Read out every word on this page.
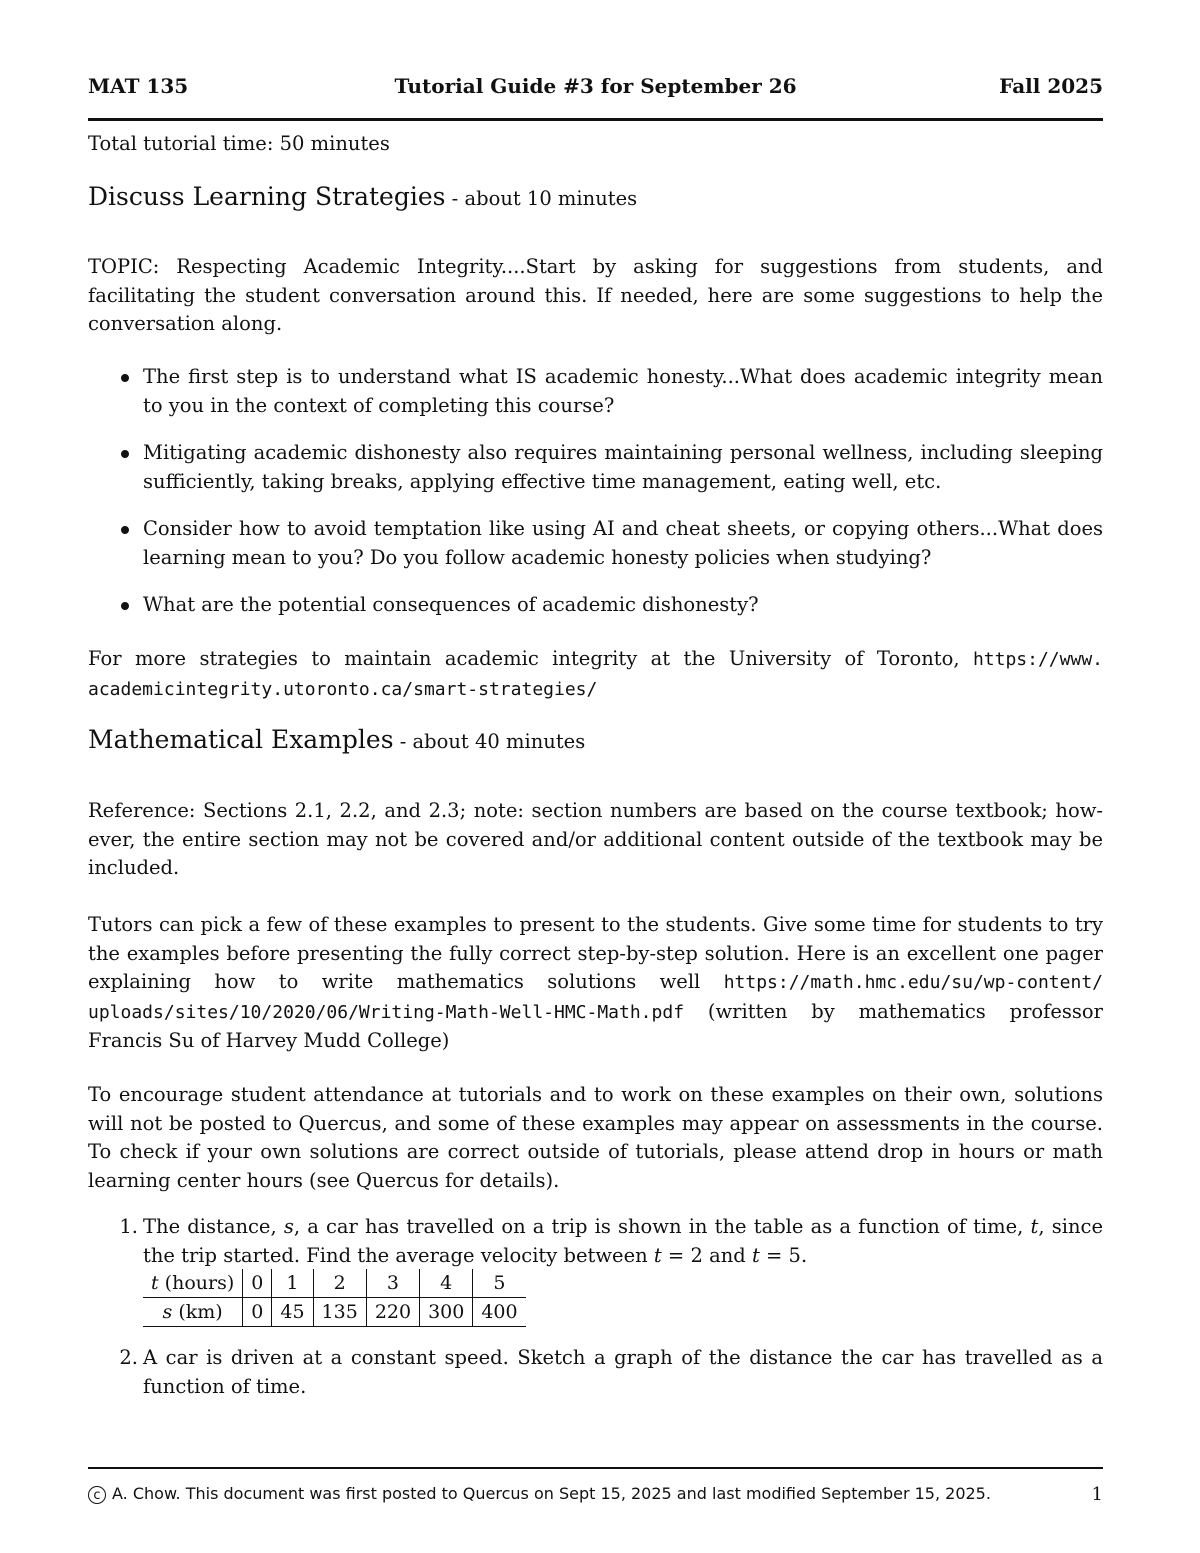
MAT 135	Tutorial Guide #3 for September 26	Fall 2025
Total tutorial time: 50 minutes
Discuss Learning Strategies - about 10 minutes
TOPIC: Respecting Academic Integrity....Start by asking for suggestions from students, and facilitating the student conversation around this. If needed, here are some suggestions to help the conversation along.
The first step is to understand what IS academic honesty...What does academic integrity mean to you in the context of completing this course?
Mitigating academic dishonesty also requires maintaining personal wellness, including sleeping sufficiently, taking breaks, applying effective time management, eating well, etc.
Consider how to avoid temptation like using AI and cheat sheets, or copying others...What does learning mean to you? Do you follow academic honesty policies when studying?
What are the potential consequences of academic dishonesty?
For more strategies to maintain academic integrity at the University of Toronto, https://www.
academicintegrity.utoronto.ca/smart-strategies/
Mathematical Examples - about 40 minutes
Reference: Sections 2.1, 2.2, and 2.3; note: section numbers are based on the course textbook; how-
ever, the entire section may not be covered and/or additional content outside of the textbook may be included.
Tutors can pick a few of these examples to present to the students. Give some time for students to try the examples before presenting the fully correct step-by-step solution. Here is an excellent one pager explaining how to write mathematics solutions well https://math.hmc.edu/su/wp-content/ uploads/sites/10/2020/06/Writing-Math-Well-HMC-Math.pdf (written by mathematics professor Francis Su of Harvey Mudd College)
To encourage student attendance at tutorials and to work on these examples on their own, solutions will not be posted to Quercus, and some of these examples may appear on assessments in the course. To check if your own solutions are correct outside of tutorials, please attend drop in hours or math learning center hours (see Quercus for details).
1. The distance, s, a car has travelled on a trip is shown in the table as a function of time, t, since the trip started. Find the average velocity between t = 2 and t = 5.
t (hours)	0	1	2	3	4	5
s (km)	0	45	135	220	300	400
2. A car is driven at a constant speed. Sketch a graph of the distance the car has travelled as a function of time.
c A. Chow. This document was first posted to Quercus on Sept 15, 2025 and last modified September 15, 2025.	1
